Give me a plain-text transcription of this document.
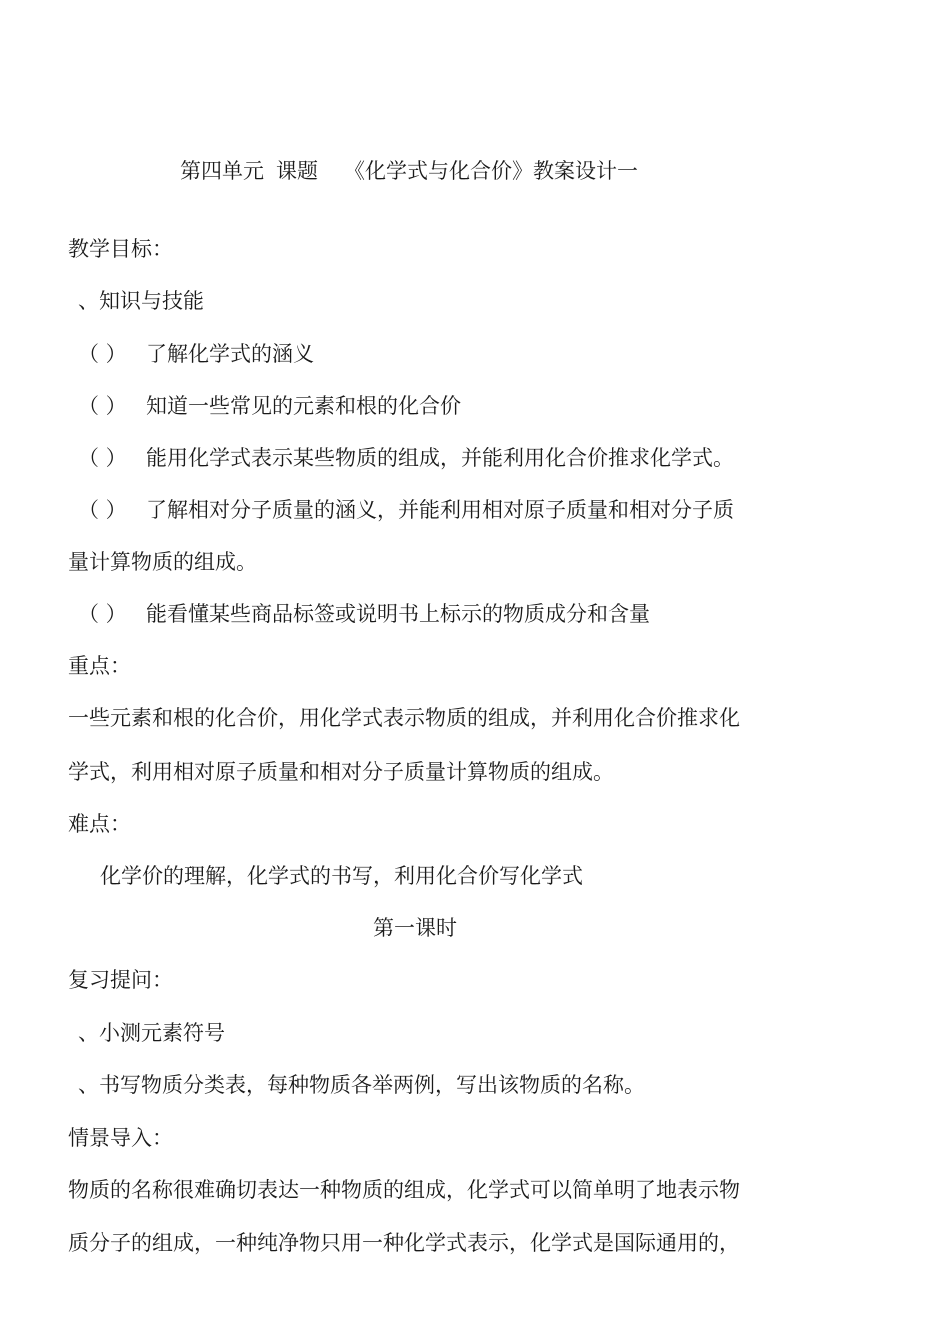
第四单元 课题 《化学式与化合价》教案设计一
教学目标：
、知识与技能
（ ） 了解化学式的涵义
（ ） 知道一些常见的元素和根的化合价
（ ） 能用化学式表示某些物质的组成，并能利用化合价推求化学式。
（ ） 了解相对分子质量的涵义，并能利用相对原子质量和相对分子质
量计算物质的组成。
（ ） 能看懂某些商品标签或说明书上标示的物质成分和含量
重点：
一些元素和根的化合价，用化学式表示物质的组成，并利用化合价推求化
学式，利用相对原子质量和相对分子质量计算物质的组成。
难点：
化学价的理解，化学式的书写，利用化合价写化学式
第一课时
复习提问：
、小测元素符号
、书写物质分类表，每种物质各举两例，写出该物质的名称。
情景导入：
物质的名称很难确切表达一种物质的组成，化学式可以简单明了地表示物
质分子的组成，一种纯净物只用一种化学式表示，化学式是国际通用的，
